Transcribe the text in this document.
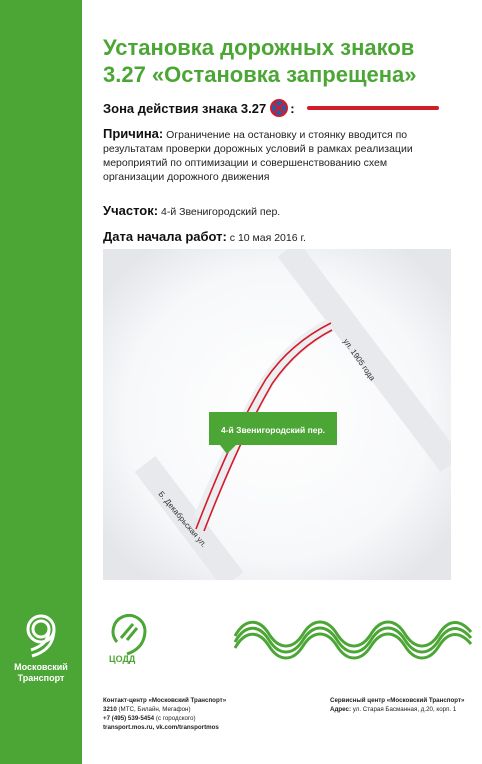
Московский
Транспорт
Установка дорожных знаков
3.27 «Остановка запрещена»
Зона действия знака 3.27 :
Причина: Ограничение на остановку и стоянку вводится по результатам проверки дорожных условий в рамках реализации мероприятий по оптимизации и совершенствованию схем организации дорожного движения
Участок: 4-й Звенигородский пер.
Дата начала работ: с 10 мая 2016 г.
4-й Звенигородский пер.
ул. 1905 года
Б. Декабрьская ул.
ЦОДД
Контакт-центр «Московский Транспорт»
3210 (МТС, Билайн, Мегафон)
+7 (495) 539-5454 (с городского)
transport.mos.ru, vk.com/transportmos
Сервисный центр «Московский Транспорт»
Адрес: ул. Старая Басманная, д.20, корп. 1
